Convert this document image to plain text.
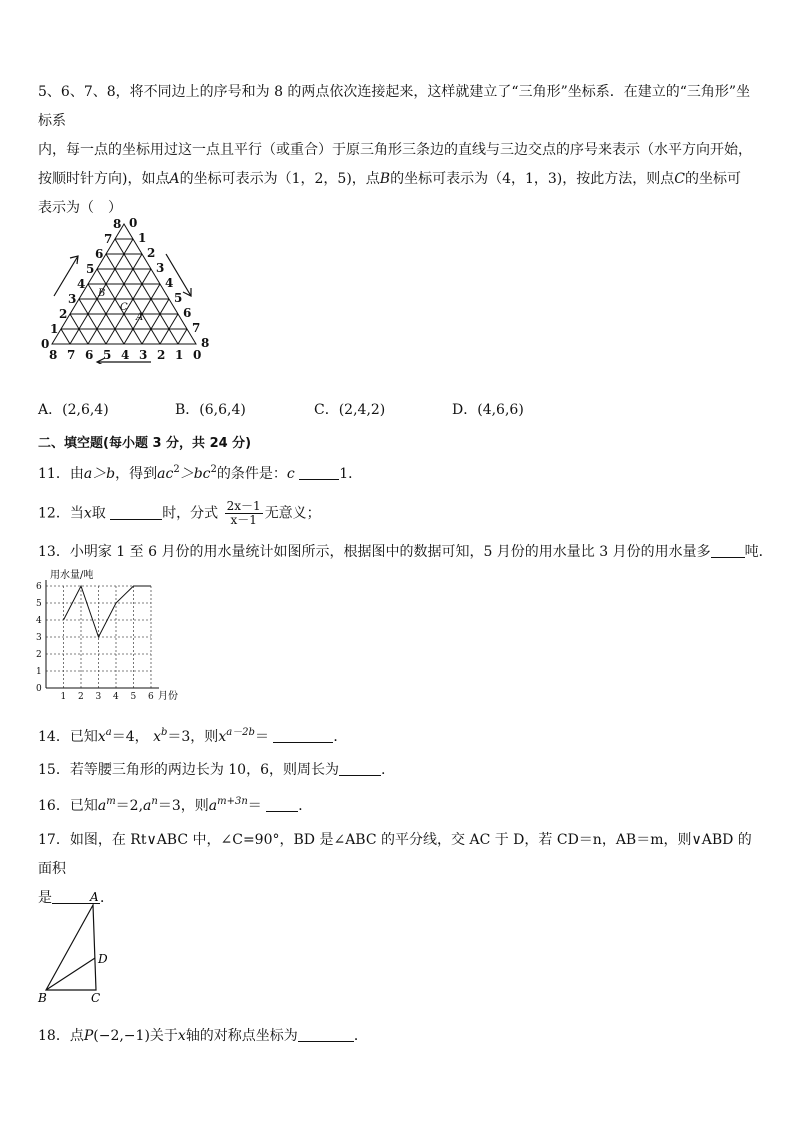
5、6、7、8，将不同边上的序号和为 8 的两点依次连接起来，这样就建立了“三角形”坐标系．在建立的“三角形”坐标系
内，每一点的坐标用过这一点且平行（或重合）于原三角形三条边的直线与三边交点的序号来表示（水平方向开始，
按顺时针方向)，如点A的坐标可表示为（1，2，5)，点B的坐标可表示为（4，1，3)，按此方法，则点C的坐标可
表示为（　）

0
8
0
1
7
1
2
6
2
3
5
3
4
4
4
5
3
5
6
2
6
7
1
7
8
0
8
A
B
C
A．(2,6,4)	B．(6,6,4)	C．(2,4,2)	D．(4,6,6)
二、填空题(每小题 3 分，共 24 分)
11．由a＞b，得到$ac^2>bc^2$的条件是：c	1．
12．当x取	时，分式 $\frac{2x-1}{x-1}$ 无意义；
13．小明家 1 至 6 月份的用水量统计如图所示，根据图中的数据可知，5 月份的用水量比 3 月份的用水量多 吨．
1 2 3 4 5 6
0
1
2
3
4
5
6
用水量/吨
月份
14．已知$x^a=4$， $x^b=3$，则$x^{a-2b}=$	．
15．若等腰三角形的两边长为 10，6，则周长为	.
16．已知$a^m=2,a^n=3$，则$a^{m+3n}=$	．

17．如图，在 Rt∨ABC 中，∠C=90°，BD 是∠ABC 的平分线，交 AC 于 D，若 CD＝n，AB＝m，则∨ABD 的面积
是	．

A
D
B	C
18．点P(−2,−1)关于x轴的对称点坐标为	．
